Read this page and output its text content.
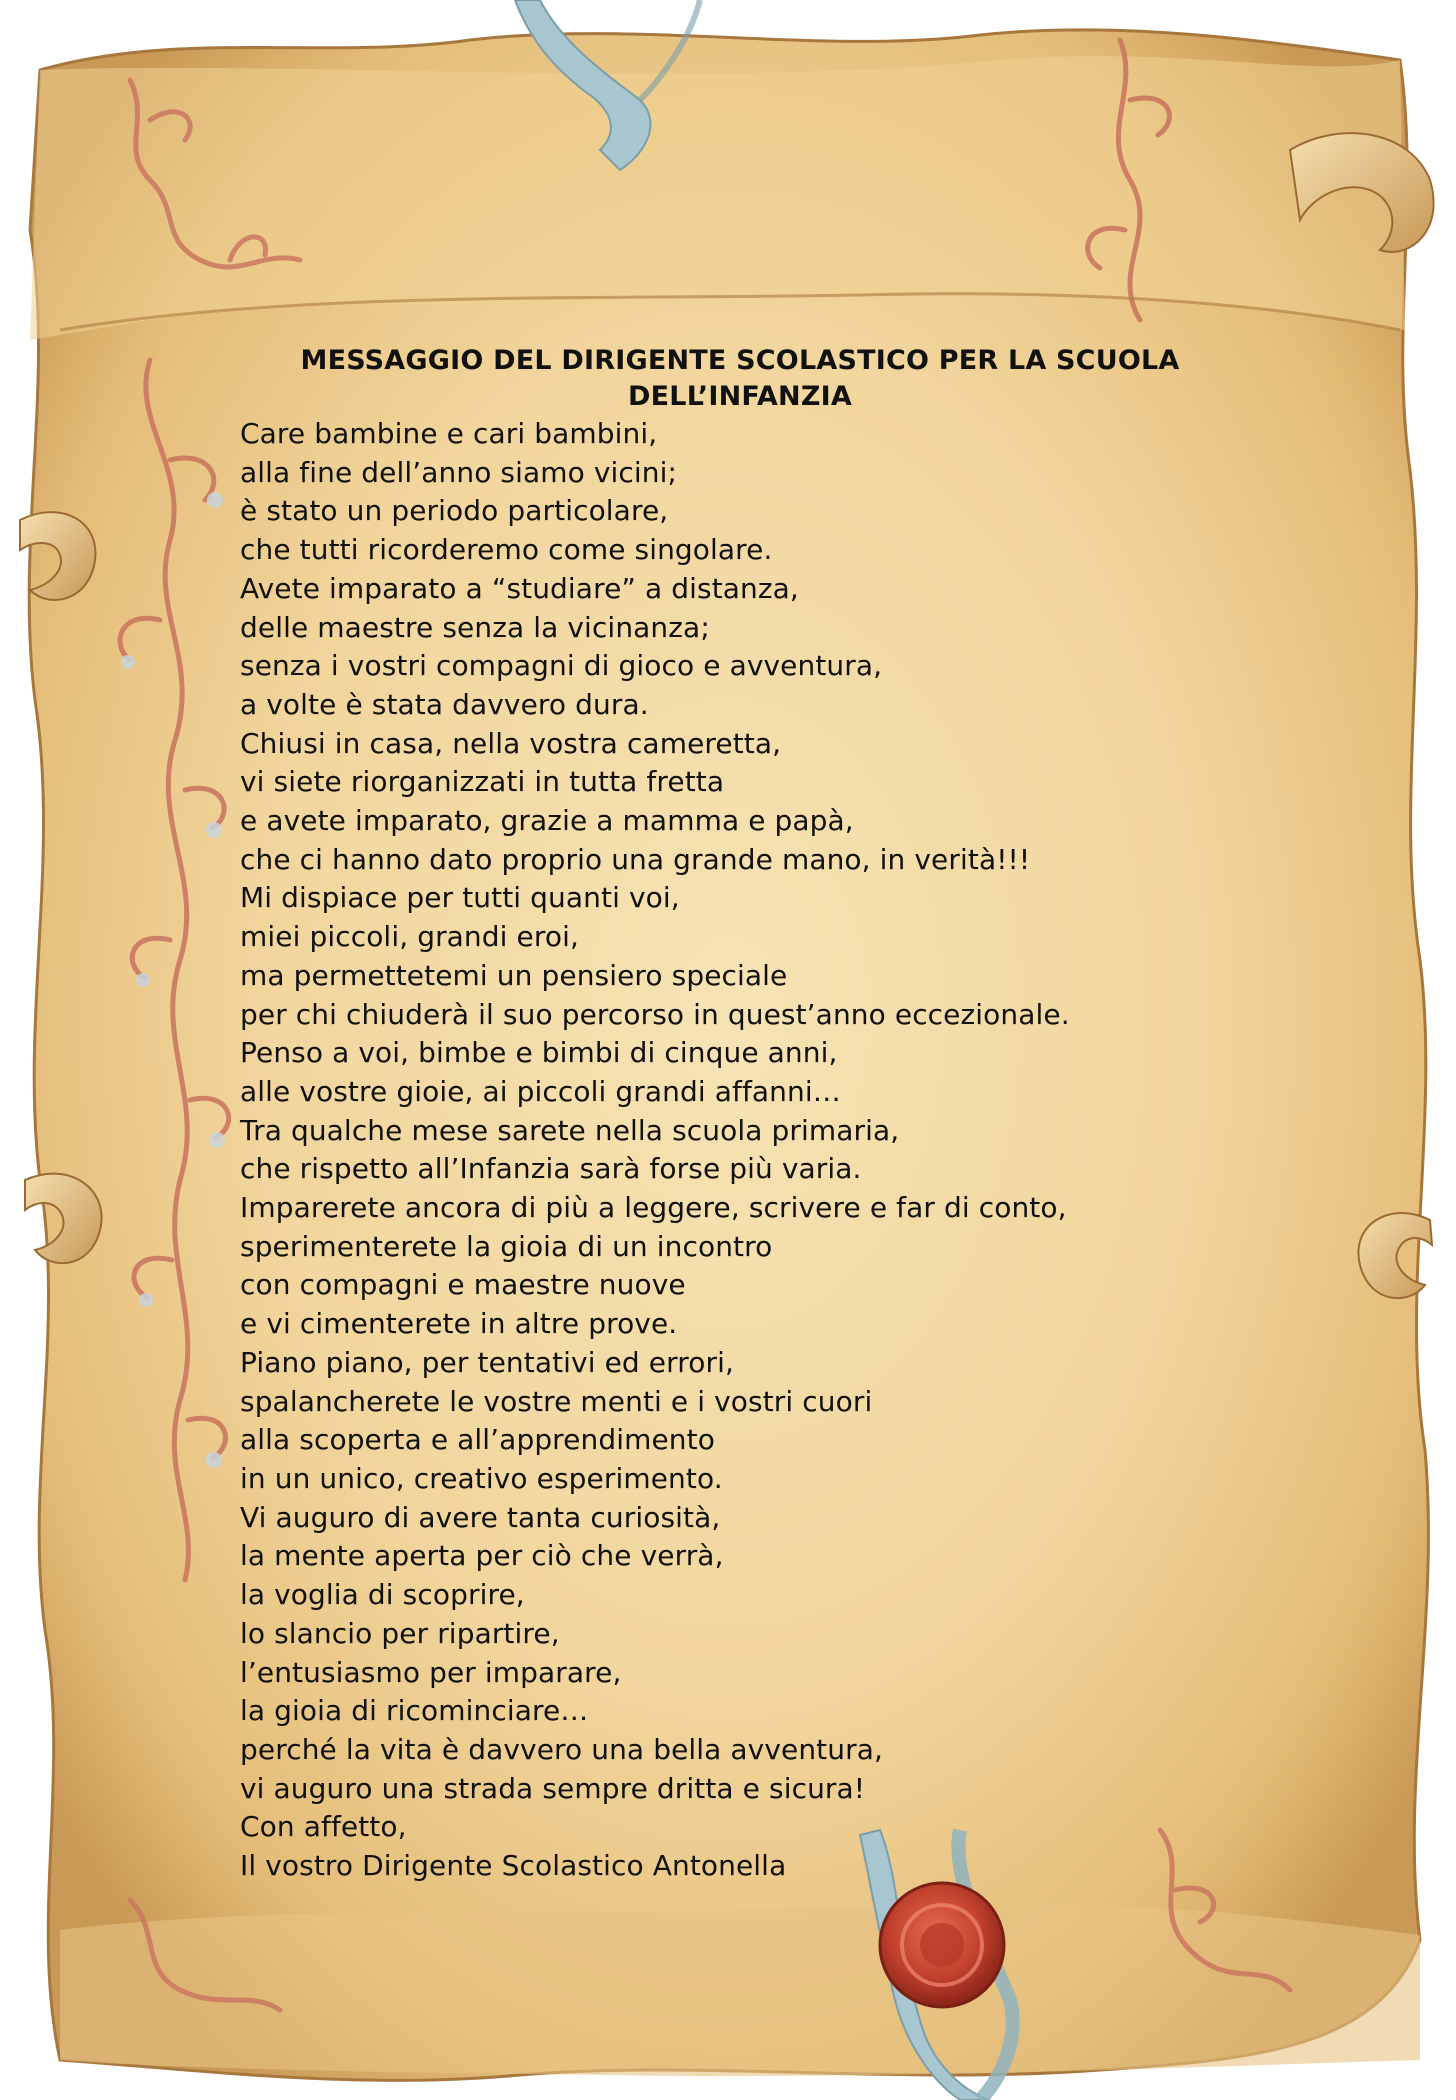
MESSAGGIO DEL DIRIGENTE SCOLASTICO PER LA SCUOLA
DELL’INFANZIA
Care bambine e cari bambini,
alla fine dell’anno siamo vicini;
è stato un periodo particolare,
che tutti ricorderemo come singolare.
Avete imparato a “studiare” a distanza,
delle maestre senza la vicinanza;
senza i vostri compagni di gioco e avventura,
a volte è stata davvero dura.
Chiusi in casa, nella vostra cameretta,
vi siete riorganizzati in tutta fretta
e avete imparato, grazie a mamma e papà,
che ci hanno dato proprio una grande mano, in verità!!!
Mi dispiace per tutti quanti voi,
miei piccoli, grandi eroi,
ma permettetemi un pensiero speciale
per chi chiuderà il suo percorso in quest’anno eccezionale.
Penso a voi, bimbe e bimbi di cinque anni,
alle vostre gioie, ai piccoli grandi affanni…
Tra qualche mese sarete nella scuola primaria,
che rispetto all’Infanzia sarà forse più varia.
Imparerete ancora di più a leggere, scrivere e far di conto,
sperimenterete la gioia di un incontro
con compagni e maestre nuove
e vi cimenterete in altre prove.
Piano piano, per tentativi ed errori,
spalancherete le vostre menti e i vostri cuori
alla scoperta e all’apprendimento
in un unico, creativo esperimento.
Vi auguro di avere tanta curiosità,
la mente aperta per ciò che verrà,
la voglia di scoprire,
lo slancio per ripartire,
l’entusiasmo per imparare,
la gioia di ricominciare…
perché la vita è davvero una bella avventura,
vi auguro una strada sempre dritta e sicura!
Con affetto,
Il vostro Dirigente Scolastico Antonella
